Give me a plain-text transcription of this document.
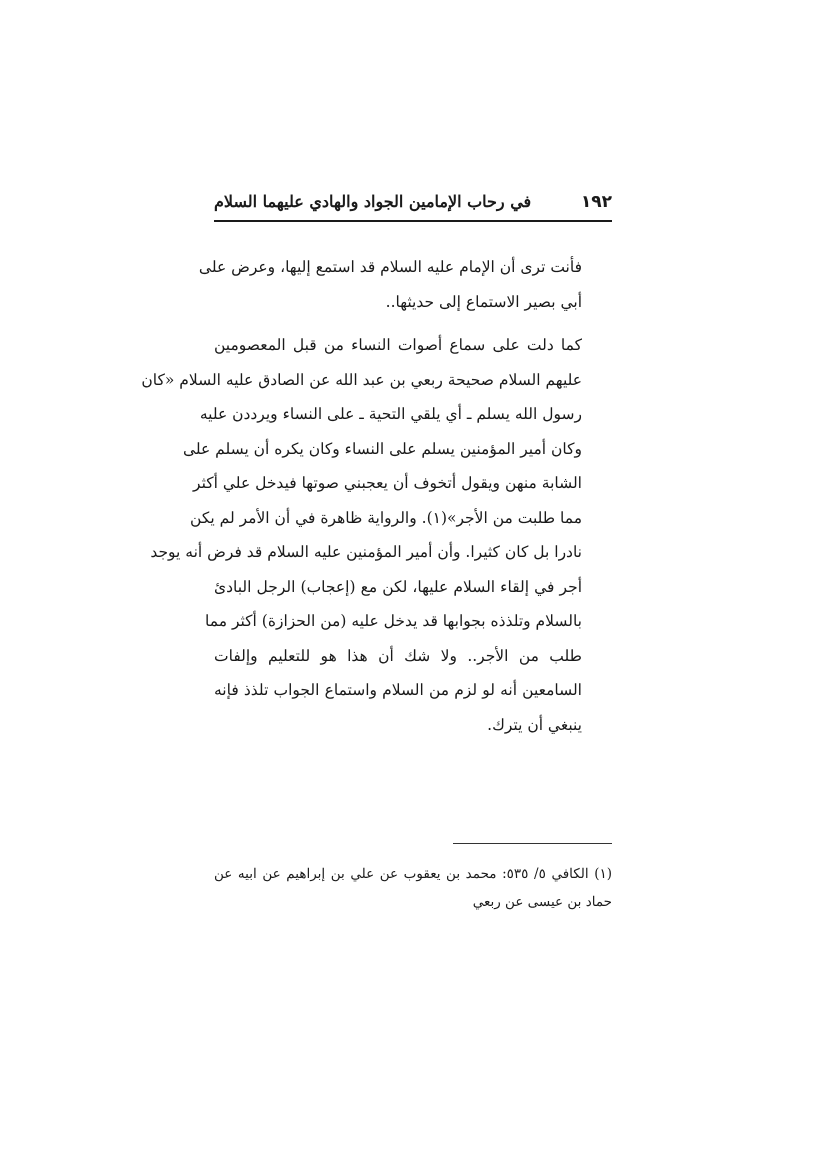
١٩٢
في رحاب الإمامين الجواد والهادي عليهما السلام

فأنت ترى أن الإمام عليه السلام قد استمع إليها، وعرض على
أبي بصير الاستماع إلى حديثها..

كما دلت على سماع أصوات النساء من قبل المعصومين
عليهم السلام صحيحة ربعي بن عبد الله عن الصادق عليه السلام «كان
رسول الله يسلم ـ أي يلقي التحية ـ على النساء ويرددن عليه
وكان أمير المؤمنين يسلم على النساء وكان يكره أن يسلم على
الشابة منهن ويقول أتخوف أن يعجبني صوتها فيدخل علي أكثر
مما طلبت من الأجر»(١). والرواية ظاهرة في أن الأمر لم يكن
نادرا بل كان كثيرا. وأن أمير المؤمنين عليه السلام قد فرض أنه يوجد
أجر في إلقاء السلام عليها، لكن مع (إعجاب) الرجل البادئ
بالسلام وتلذذه بجوابها قد يدخل عليه (من الحزازة) أكثر مما
طلب من الأجر.. ولا شك أن هذا هو للتعليم وإلفات
السامعين أنه لو لزم من السلام واستماع الجواب تلذذ فإنه
ينبغي أن يترك.

(١) الكافي ٥/ ٥٣٥: محمد بن يعقوب عن علي بن إبراهيم عن ابيه عن
حماد بن عيسى عن ربعي
